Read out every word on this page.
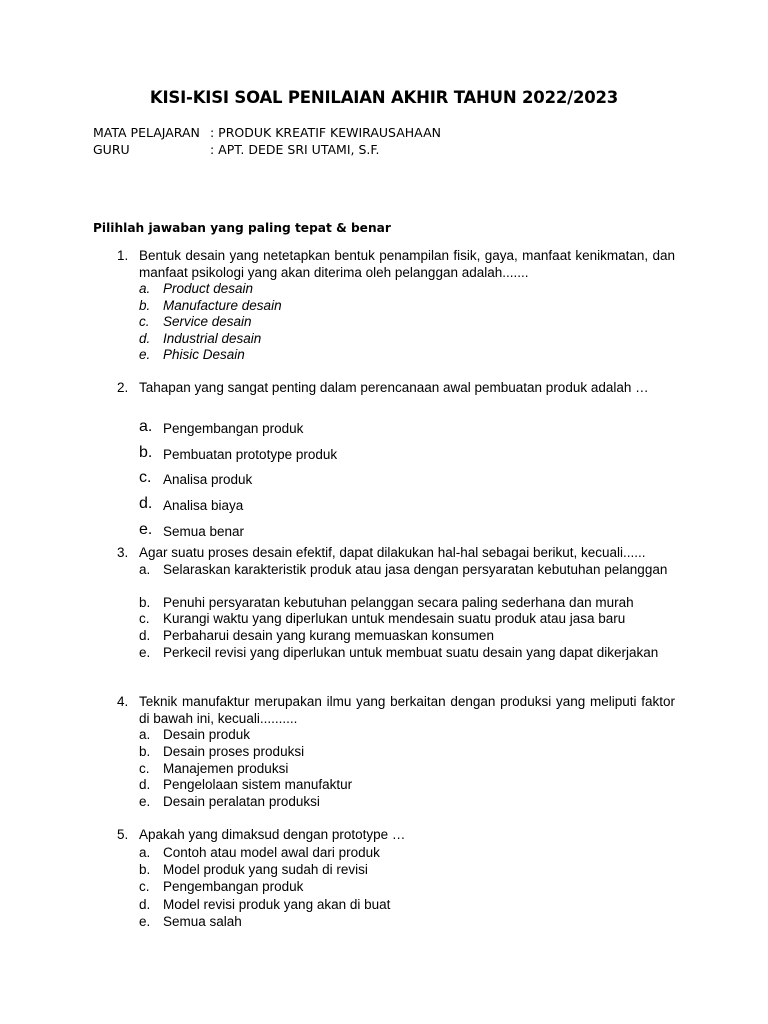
KISI-KISI SOAL PENILAIAN AKHIR TAHUN 2022/2023
MATA PELAJARAN : PRODUK KREATIF KEWIRAUSAHAAN
GURU	: APT. DEDE SRI UTAMI, S.F.
Pilihlah jawaban yang paling tepat & benar
1. Bentuk desain yang netetapkan bentuk penampilan fisik, gaya, manfaat kenikmatan, dan manfaat psikologi yang akan diterima oleh pelanggan adalah.......
a. Product desain
b. Manufacture desain
c. Service desain
d. Industrial desain
e. Phisic Desain
2. Tahapan yang sangat penting dalam perencanaan awal pembuatan produk adalah …
a. Pengembangan produk
b. Pembuatan prototype produk
c. Analisa produk
d. Analisa biaya
e. Semua benar
3. Agar suatu proses desain efektif, dapat dilakukan hal-hal sebagai berikut, kecuali......
a. Selaraskan karakteristik produk atau jasa dengan persyaratan kebutuhan pelanggan
b. Penuhi persyaratan kebutuhan pelanggan secara paling sederhana dan murah
c. Kurangi waktu yang diperlukan untuk mendesain suatu produk atau jasa baru
d. Perbaharui desain yang kurang memuaskan konsumen
e. Perkecil revisi yang diperlukan untuk membuat suatu desain yang dapat dikerjakan
4. Teknik manufaktur merupakan ilmu yang berkaitan dengan produksi yang meliputi faktor di bawah ini, kecuali..........
a. Desain produk
b. Desain proses produksi
c. Manajemen produksi
d. Pengelolaan sistem manufaktur
e. Desain peralatan produksi
5. Apakah yang dimaksud dengan prototype …
a. Contoh atau model awal dari produk
b. Model produk yang sudah di revisi
c. Pengembangan produk
d. Model revisi produk yang akan di buat
e. Semua salah
